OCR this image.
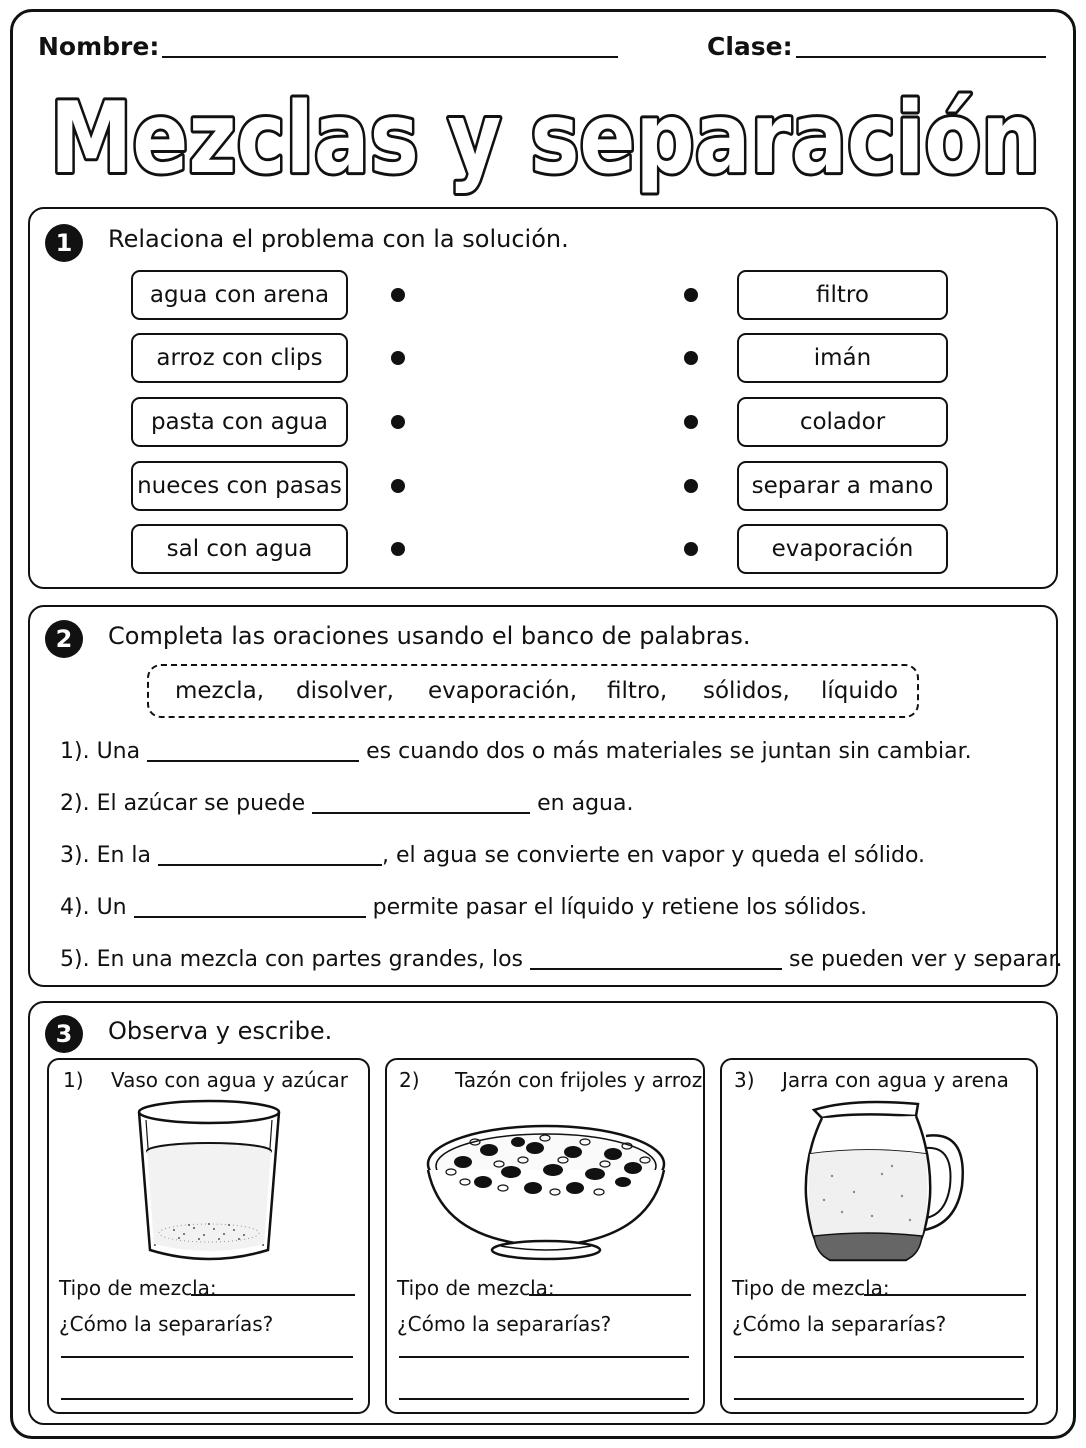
Nombre:	Clase:
Mezclas y separación
1	Relaciona el problema con la solución.
agua con arena
arroz con clips
pasta con agua
nueces con pasas
sal con agua
filtro
imán
colador
separar a mano
evaporación
2	Completa las oraciones usando el banco de palabras.
mezcla, disolver, evaporación, filtro, sólidos, líquido
1). Una	es cuando dos o más materiales se juntan sin cambiar.
2). El azúcar se puede	en agua.
3). En la	, el agua se convierte en vapor y queda el sólido.
4). Un	permite pasar el líquido y retiene los sólidos.
5). En una mezcla con partes grandes, los	se pueden ver y separar.
3	Observa y escribe.
1) Vaso con agua y azúcar
Tipo de mezcla:
¿Cómo la separarías?
2) Tazón con frijoles y arroz
Tipo de mezcla:
¿Cómo la separarías?
3) Jarra con agua y arena
Tipo de mezcla:
¿Cómo la separarías?
